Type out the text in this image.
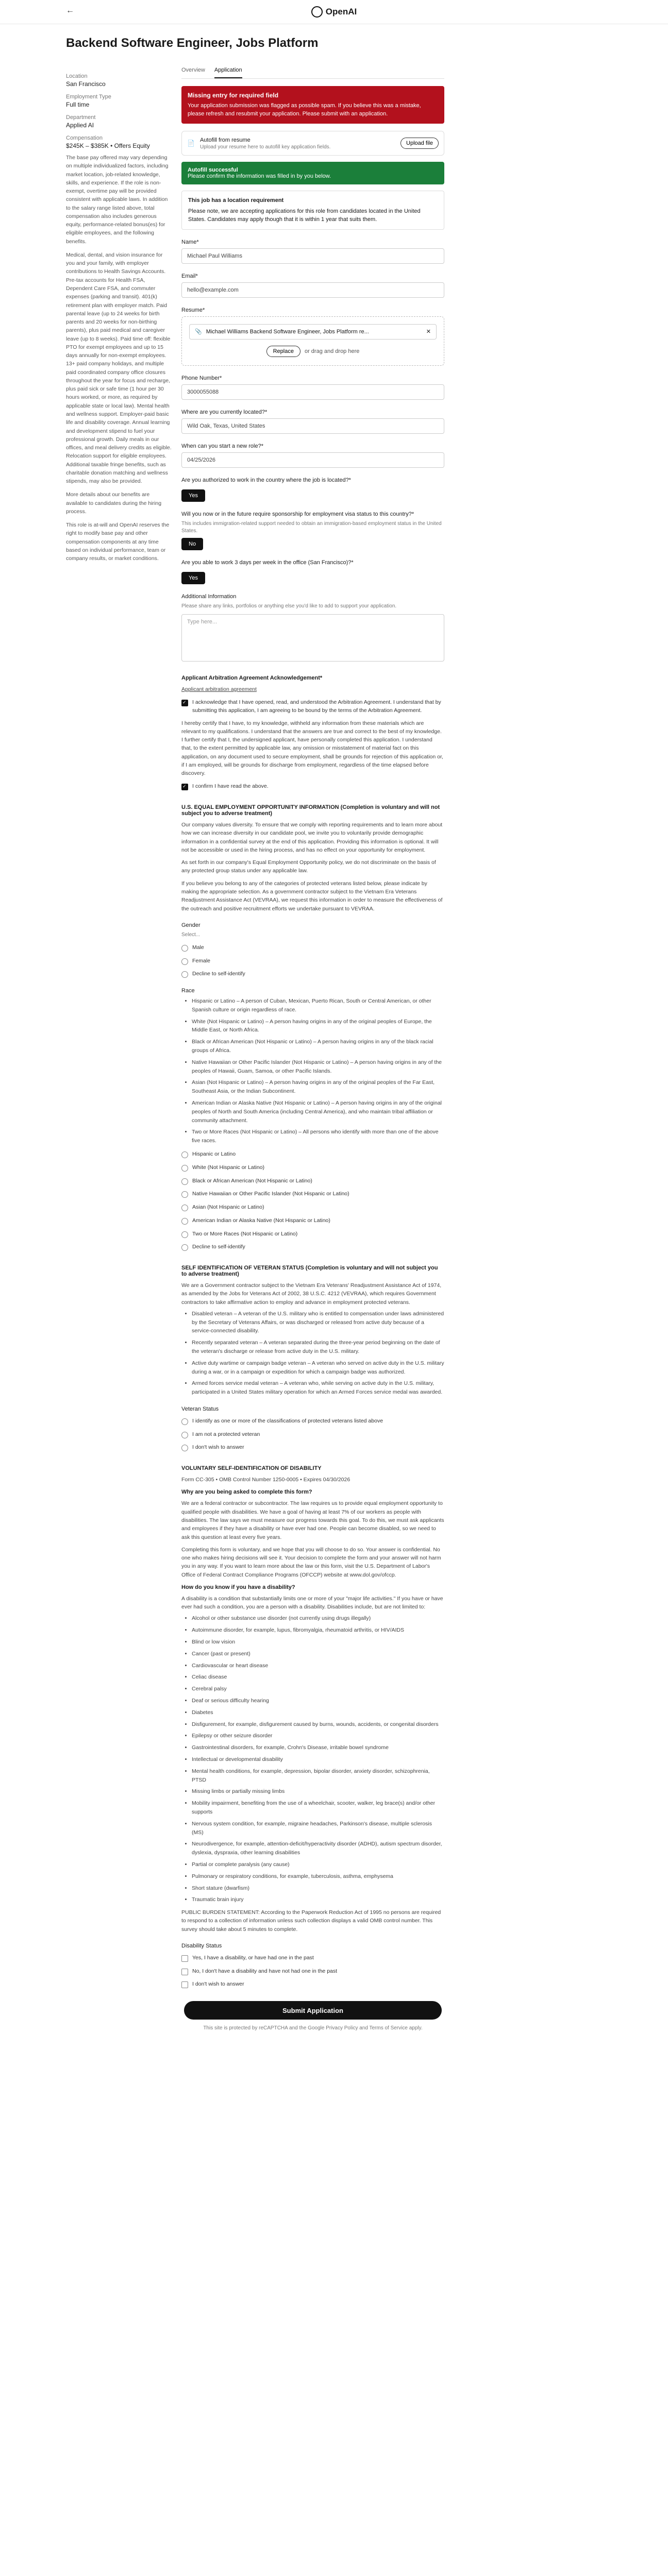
←	OpenAI
Backend Software Engineer, Jobs Platform
Location
San Francisco
Employment Type
Full time
Department
Applied AI
Compensation
$245K – $385K • Offers Equity

The base pay offered may vary depending on multiple individualized factors, including market location, job-related knowledge, skills, and experience. If the role is non-exempt, overtime pay will be provided consistent with applicable laws. In addition to the salary range listed above, total compensation also includes generous equity, performance-related bonus(es) for eligible employees, and the following benefits.

Medical, dental, and vision insurance for you and your family, with employer contributions to Health Savings Accounts. Pre-tax accounts for Health FSA, Dependent Care FSA, and commuter expenses (parking and transit). 401(k) retirement plan with employer match. Paid parental leave (up to 24 weeks for birth parents and 20 weeks for non-birthing parents), plus paid medical and caregiver leave (up to 8 weeks). Paid time off: flexible PTO for exempt employees and up to 15 days annually for non-exempt employees. 13+ paid company holidays, and multiple paid coordinated company office closures throughout the year for focus and recharge, plus paid sick or safe time (1 hour per 30 hours worked, or more, as required by applicable state or local law). Mental health and wellness support. Employer-paid basic life and disability coverage. Annual learning and development stipend to fuel your professional growth. Daily meals in our offices, and meal delivery credits as eligible. Relocation support for eligible employees. Additional taxable fringe benefits, such as charitable donation matching and wellness stipends, may also be provided.

More details about our benefits are available to candidates during the hiring process.

This role is at-will and OpenAI reserves the right to modify base pay and other compensation components at any time based on individual performance, team or company results, or market conditions.

Overview Application
Missing entry for required field
Your application submission was flagged as possible spam. If you believe this was a mistake, please refresh and resubmit your application. Please submit with an application.
📄 Autofill from resume
Upload your resume here to autofill key application fields.
Upload file
Autofill successful
Please confirm the information was filled in by you below.
This job has a location requirement
Please note, we are accepting applications for this role from candidates located in the United States. Candidates may apply though that it is within 1 year that suits them.
Name*
Michael Paul Williams
Email*
hello@example.com
Resume*
📎 Michael Williams Backend Software Engineer, Jobs Platform re...	✕
Replace	or drag and drop here
Phone Number*
3000055088
Where are you currently located?*
Wild Oak, Texas, United States
When can you start a new role?*
04/25/2026
Are you authorized to work in the country where the job is located?*
Yes
Will you now or in the future require sponsorship for employment visa status to this country?*
This includes immigration-related support needed to obtain an immigration-based employment status in the United States.
No
Are you able to work 3 days per week in the office (San Francisco)?*
Yes
Additional Information
Please share any links, portfolios or anything else you'd like to add to support your application.
Type here...
Applicant Arbitration Agreement Acknowledgement*
Applicant arbitration agreement
✓
I acknowledge that I have opened, read, and understood the Arbitration Agreement. I understand that by submitting this application, I am agreeing to be bound by the terms of the Arbitration Agreement.
I hereby certify that I have, to my knowledge, withheld any information from these materials which are relevant to my qualifications. I understand that the answers are true and correct to the best of my knowledge. I further certify that I, the undersigned applicant, have personally completed this application. I understand that, to the extent permitted by applicable law, any omission or misstatement of material fact on this application, on any document used to secure employment, shall be grounds for rejection of this application or, if I am employed, will be grounds for discharge from employment, regardless of the time elapsed before discovery.
✓
I confirm I have read the above.
U.S. EQUAL EMPLOYMENT OPPORTUNITY INFORMATION (Completion is voluntary and will not subject you to adverse treatment)
Our company values diversity. To ensure that we comply with reporting requirements and to learn more about how we can increase diversity in our candidate pool, we invite you to voluntarily provide demographic information in a confidential survey at the end of this application. Providing this information is optional. It will not be accessible or used in the hiring process, and has no effect on your opportunity for employment.
As set forth in our company's Equal Employment Opportunity policy, we do not discriminate on the basis of any protected group status under any applicable law.
If you believe you belong to any of the categories of protected veterans listed below, please indicate by making the appropriate selection. As a government contractor subject to the Vietnam Era Veterans Readjustment Assistance Act (VEVRAA), we request this information in order to measure the effectiveness of the outreach and positive recruitment efforts we undertake pursuant to VEVRAA.
Gender
Select...
Male
Female
Decline to self-identify
Race
• Hispanic or Latino – A person of Cuban, Mexican, Puerto Rican, South or Central American, or other Spanish culture or origin regardless of race.
• White (Not Hispanic or Latino) – A person having origins in any of the original peoples of Europe, the Middle East, or North Africa.
• Black or African American (Not Hispanic or Latino) – A person having origins in any of the black racial groups of Africa.
• Native Hawaiian or Other Pacific Islander (Not Hispanic or Latino) – A person having origins in any of the peoples of Hawaii, Guam, Samoa, or other Pacific Islands.
• Asian (Not Hispanic or Latino) – A person having origins in any of the original peoples of the Far East, Southeast Asia, or the Indian Subcontinent.
• American Indian or Alaska Native (Not Hispanic or Latino) – A person having origins in any of the original peoples of North and South America (including Central America), and who maintain tribal affiliation or community attachment.
• Two or More Races (Not Hispanic or Latino) – All persons who identify with more than one of the above five races.
Hispanic or Latino
White (Not Hispanic or Latino)
Black or African American (Not Hispanic or Latino)
Native Hawaiian or Other Pacific Islander (Not Hispanic or Latino)
Asian (Not Hispanic or Latino)
American Indian or Alaska Native (Not Hispanic or Latino)
Two or More Races (Not Hispanic or Latino)
Decline to self-identify
SELF IDENTIFICATION OF VETERAN STATUS (Completion is voluntary and will not subject you to adverse treatment)
We are a Government contractor subject to the Vietnam Era Veterans' Readjustment Assistance Act of 1974, as amended by the Jobs for Veterans Act of 2002, 38 U.S.C. 4212 (VEVRAA), which requires Government contractors to take affirmative action to employ and advance in employment protected veterans.
• Disabled veteran – A veteran of the U.S. military who is entitled to compensation under laws administered by the Secretary of Veterans Affairs, or was discharged or released from active duty because of a service-connected disability.
• Recently separated veteran – A veteran separated during the three-year period beginning on the date of the veteran's discharge or release from active duty in the U.S. military.
• Active duty wartime or campaign badge veteran – A veteran who served on active duty in the U.S. military during a war, or in a campaign or expedition for which a campaign badge was authorized.
• Armed forces service medal veteran – A veteran who, while serving on active duty in the U.S. military, participated in a United States military operation for which an Armed Forces service medal was awarded.
Veteran Status
I identify as one or more of the classifications of protected veterans listed above
I am not a protected veteran
I don't wish to answer
VOLUNTARY SELF-IDENTIFICATION OF DISABILITY
Form CC-305 • OMB Control Number 1250-0005 • Expires 04/30/2026
Why are you being asked to complete this form?
We are a federal contractor or subcontractor. The law requires us to provide equal employment opportunity to qualified people with disabilities. We have a goal of having at least 7% of our workers as people with disabilities. The law says we must measure our progress towards this goal. To do this, we must ask applicants and employees if they have a disability or have ever had one. People can become disabled, so we need to ask this question at least every five years.
Completing this form is voluntary, and we hope that you will choose to do so. Your answer is confidential. No one who makes hiring decisions will see it. Your decision to complete the form and your answer will not harm you in any way. If you want to learn more about the law or this form, visit the U.S. Department of Labor's Office of Federal Contract Compliance Programs (OFCCP) website at www.dol.gov/ofccp.
How do you know if you have a disability?
A disability is a condition that substantially limits one or more of your "major life activities." If you have or have ever had such a condition, you are a person with a disability. Disabilities include, but are not limited to:
• Alcohol or other substance use disorder (not currently using drugs illegally)
• Autoimmune disorder, for example, lupus, fibromyalgia, rheumatoid arthritis, or HIV/AIDS
• Blind or low vision
• Cancer (past or present)
• Cardiovascular or heart disease
• Celiac disease
• Cerebral palsy
• Deaf or serious difficulty hearing
• Diabetes
• Disfigurement, for example, disfigurement caused by burns, wounds, accidents, or congenital disorders
• Epilepsy or other seizure disorder
• Gastrointestinal disorders, for example, Crohn's Disease, irritable bowel syndrome
• Intellectual or developmental disability
• Mental health conditions, for example, depression, bipolar disorder, anxiety disorder, schizophrenia, PTSD
• Missing limbs or partially missing limbs
• Mobility impairment, benefiting from the use of a wheelchair, scooter, walker, leg brace(s) and/or other supports
• Nervous system condition, for example, migraine headaches, Parkinson's disease, multiple sclerosis (MS)
• Neurodivergence, for example, attention-deficit/hyperactivity disorder (ADHD), autism spectrum disorder, dyslexia, dyspraxia, other learning disabilities
• Partial or complete paralysis (any cause)
• Pulmonary or respiratory conditions, for example, tuberculosis, asthma, emphysema
• Short stature (dwarfism)
• Traumatic brain injury
PUBLIC BURDEN STATEMENT: According to the Paperwork Reduction Act of 1995 no persons are required to respond to a collection of information unless such collection displays a valid OMB control number. This survey should take about 5 minutes to complete.
Disability Status
Yes, I have a disability, or have had one in the past
No, I don't have a disability and have not had one in the past
I don't wish to answer
Submit Application
This site is protected by reCAPTCHA and the Google Privacy Policy and Terms of Service apply.
